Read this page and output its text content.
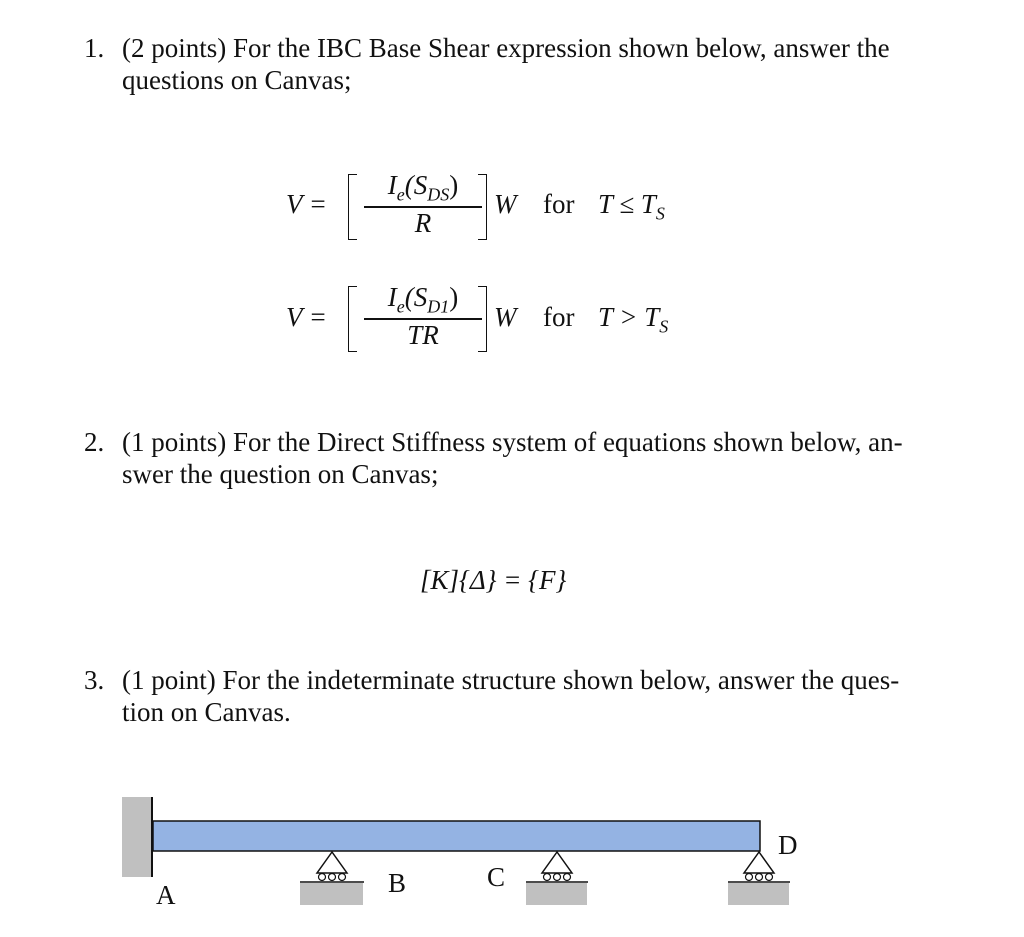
1. (2 points) For the IBC Base Shear expression shown below, answer the
questions on Canvas;
V =
$I_e(S_{DS})$
R
W for $T \le T_S$
V =
$I_e(S_{D1})$
TR
W for $T > T_S$
2. (1 points) For the Direct Stiffness system of equations shown below, an-
swer the question on Canvas;
[K]{Δ} = {F}
3. (1 point) For the indeterminate structure shown below, answer the ques-
tion on Canvas.
A	B	C
D
